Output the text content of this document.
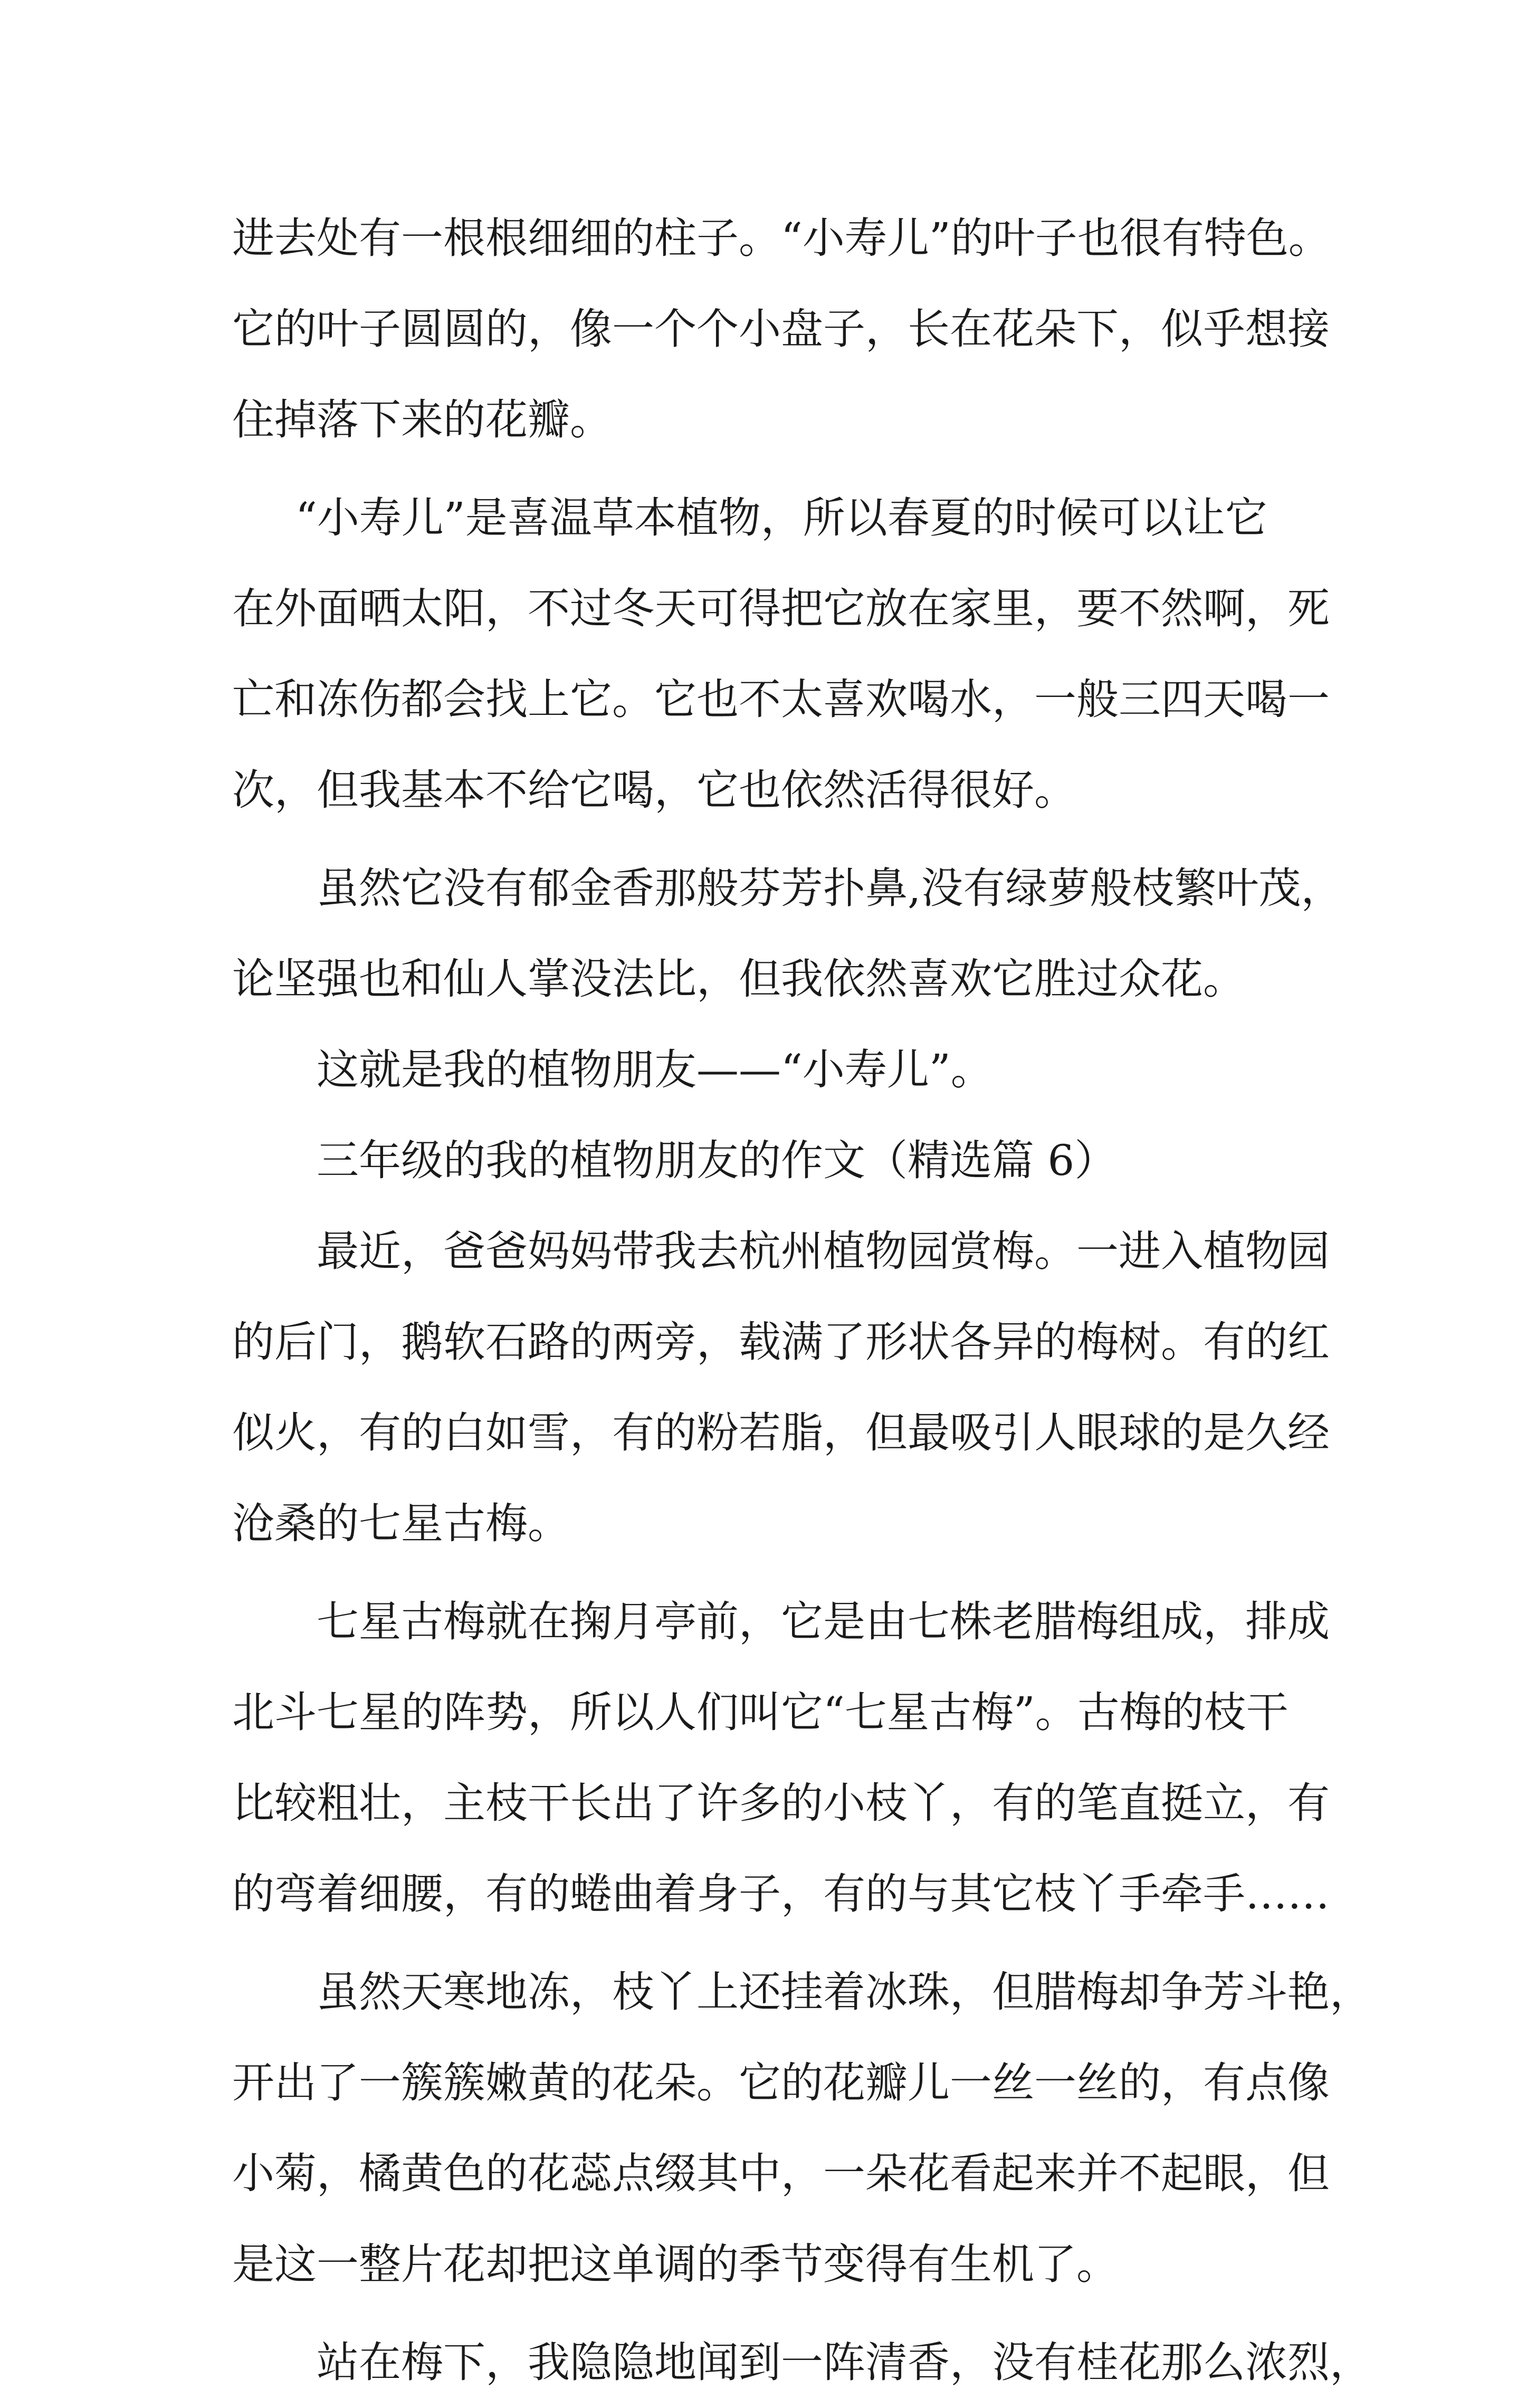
进去处有一根根细细的柱子。“小寿儿”的叶子也很有特色。
它的叶子圆圆的，像一个个小盘子，长在花朵下，似乎想接
住掉落下来的花瓣。
“小寿儿”是喜温草本植物，所以春夏的时候可以让它
在外面晒太阳，不过冬天可得把它放在家里，要不然啊，死
亡和冻伤都会找上它。它也不太喜欢喝水，一般三四天喝一
次，但我基本不给它喝，它也依然活得很好。
虽然它没有郁金香那般芬芳扑鼻,没有绿萝般枝繁叶茂，
论坚强也和仙人掌没法比，但我依然喜欢它胜过众花。
这就是我的植物朋友——“小寿儿”。
三年级的我的植物朋友的作文（精选篇 6）
最近，爸爸妈妈带我去杭州植物园赏梅。一进入植物园
的后门，鹅软石路的两旁，载满了形状各异的梅树。有的红
似火，有的白如雪，有的粉若脂，但最吸引人眼球的是久经
沧桑的七星古梅。
七星古梅就在掬月亭前，它是由七株老腊梅组成，排成
北斗七星的阵势，所以人们叫它“七星古梅”。古梅的枝干
比较粗壮，主枝干长出了许多的小枝丫，有的笔直挺立，有
的弯着细腰，有的蜷曲着身子，有的与其它枝丫手牵手……
虽然天寒地冻，枝丫上还挂着冰珠，但腊梅却争芳斗艳，
开出了一簇簇嫩黄的花朵。它的花瓣儿一丝一丝的，有点像
小菊，橘黄色的花蕊点缀其中，一朵花看起来并不起眼，但
是这一整片花却把这单调的季节变得有生机了。
站在梅下，我隐隐地闻到一阵清香，没有桂花那么浓烈，
